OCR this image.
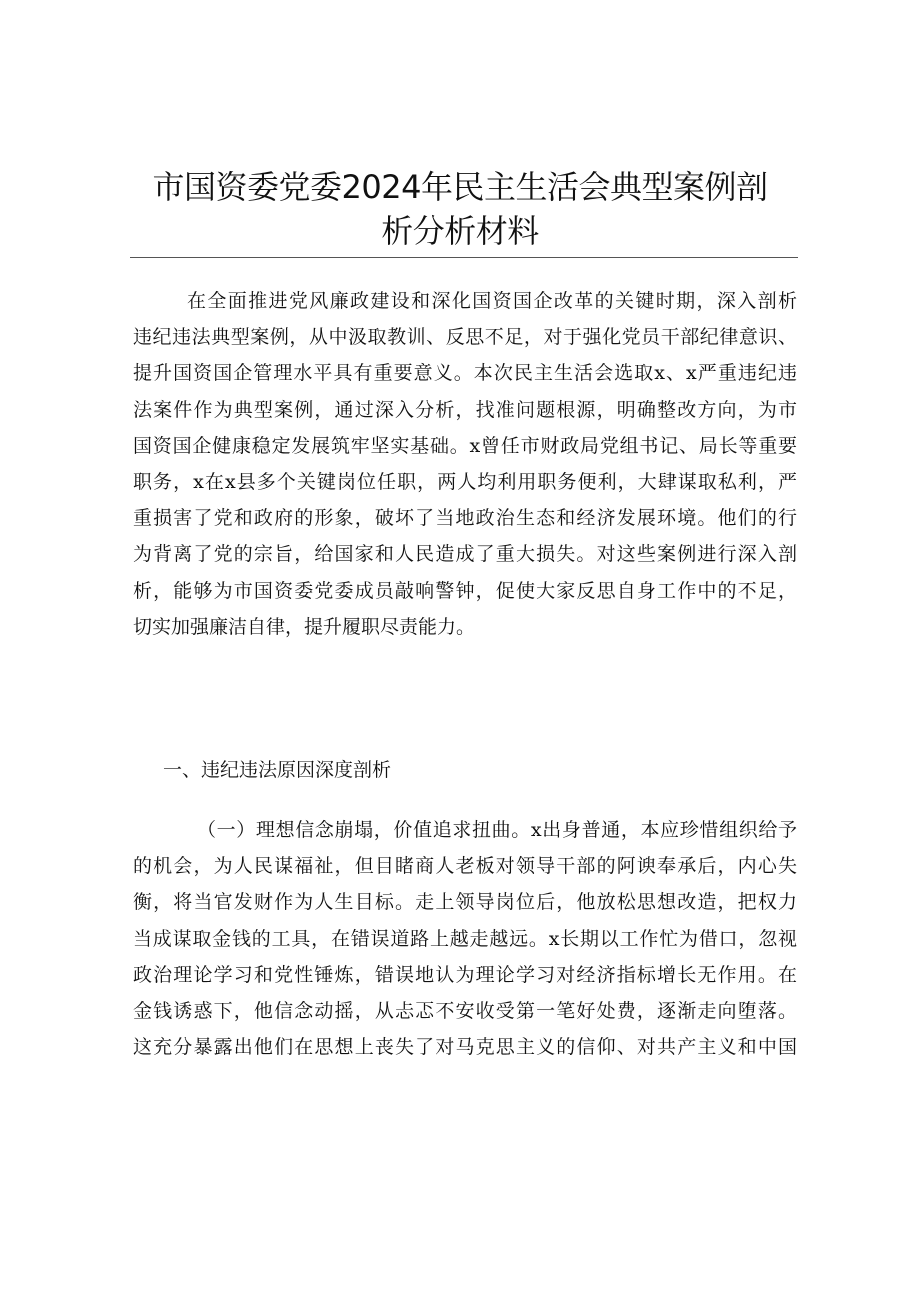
市国资委党委2024年民主生活会典型案例剖
析分析材料
在全面推进党风廉政建设和深化国资国企改革的关键时期，深入剖析
违纪违法典型案例，从中汲取教训、反思不足，对于强化党员干部纪律意识、
提升国资国企管理水平具有重要意义。本次民主生活会选取x、x严重违纪违
法案件作为典型案例，通过深入分析，找准问题根源，明确整改方向，为市
国资国企健康稳定发展筑牢坚实基础。x曾任市财政局党组书记、局长等重要
职务，x在x县多个关键岗位任职，两人均利用职务便利，大肆谋取私利，严
重损害了党和政府的形象，破坏了当地政治生态和经济发展环境。他们的行
为背离了党的宗旨，给国家和人民造成了重大损失。对这些案例进行深入剖
析，能够为市国资委党委成员敲响警钟，促使大家反思自身工作中的不足，
切实加强廉洁自律，提升履职尽责能力。
一、违纪违法原因深度剖析
（一）理想信念崩塌，价值追求扭曲。x出身普通，本应珍惜组织给予
的机会，为人民谋福祉，但目睹商人老板对领导干部的阿谀奉承后，内心失
衡，将当官发财作为人生目标。走上领导岗位后，他放松思想改造，把权力
当成谋取金钱的工具，在错误道路上越走越远。x长期以工作忙为借口，忽视
政治理论学习和党性锤炼，错误地认为理论学习对经济指标增长无作用。在
金钱诱惑下，他信念动摇，从忐忑不安收受第一笔好处费，逐渐走向堕落。
这充分暴露出他们在思想上丧失了对马克思主义的信仰、对共产主义和中国
